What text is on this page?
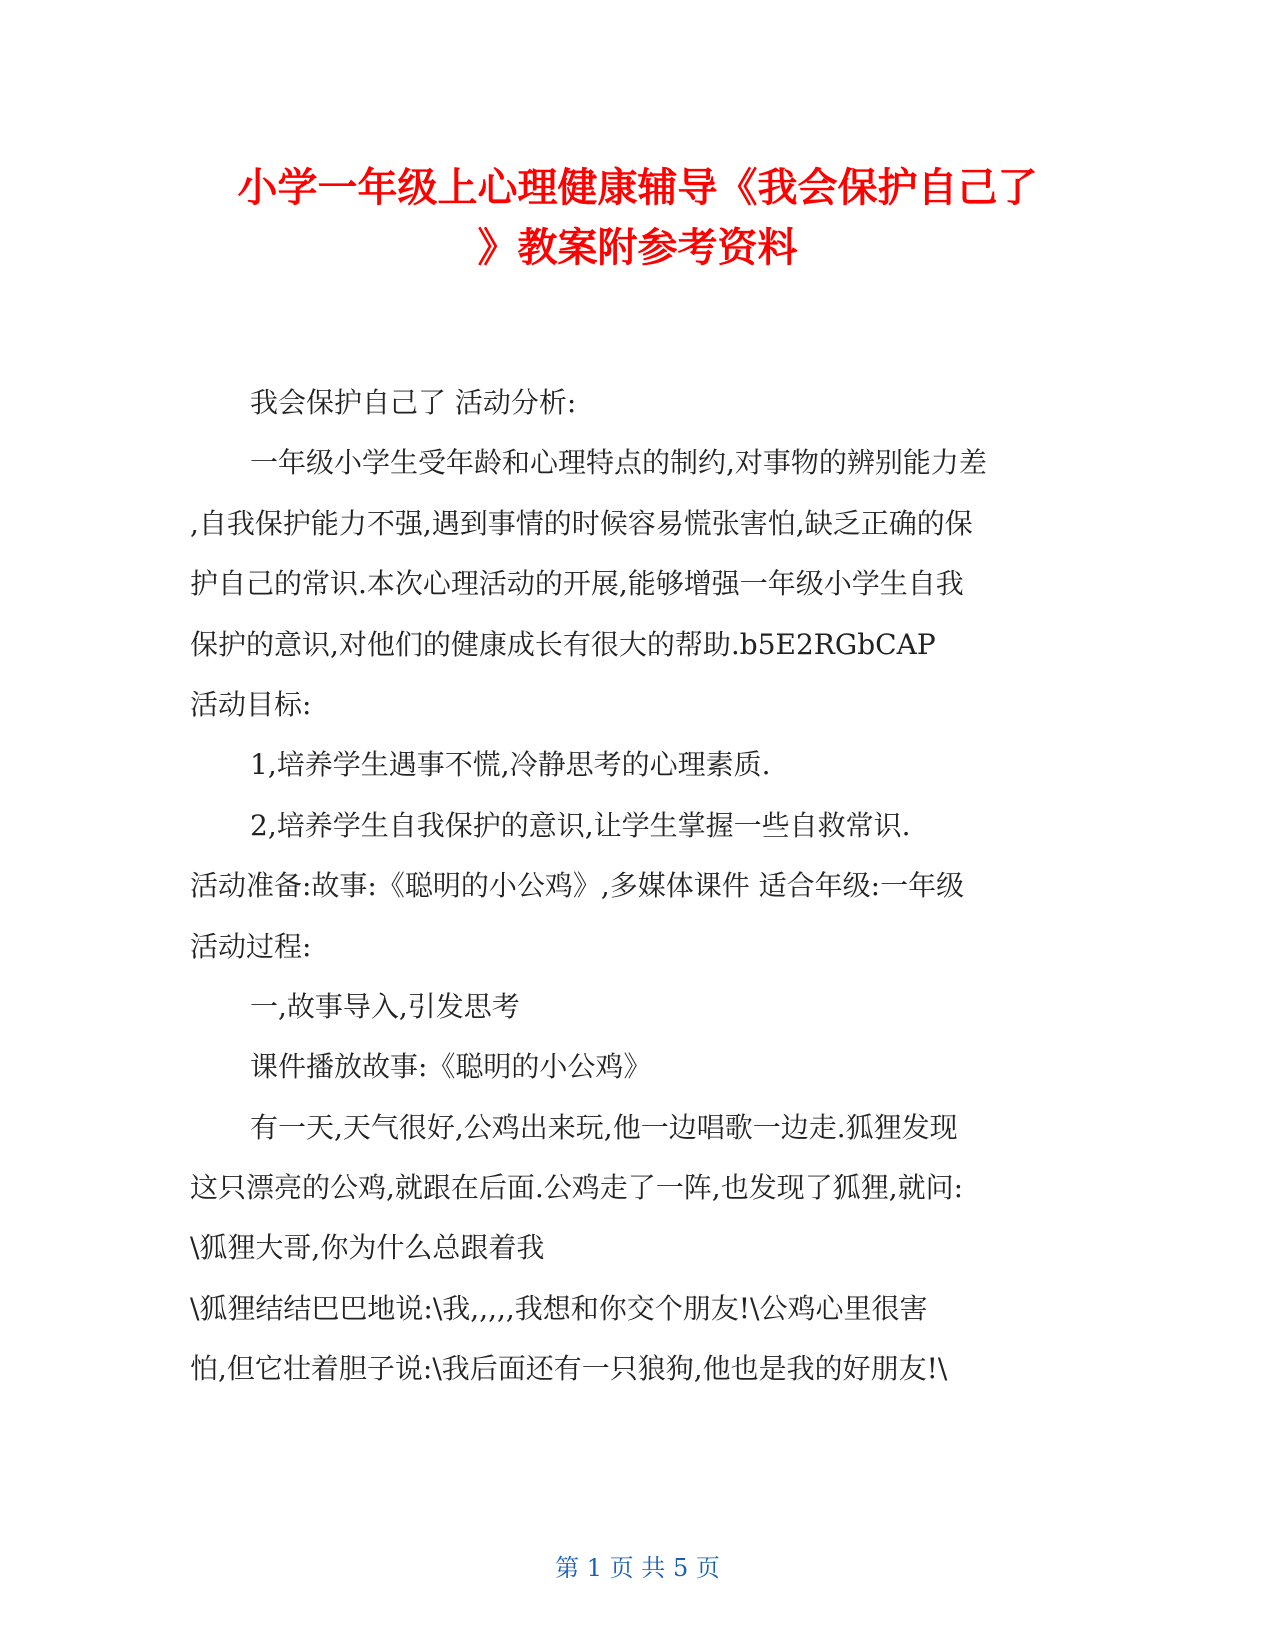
小学一年级上心理健康辅导《我会保护自己了
》教案附参考资料
我会保护自己了 活动分析:
一年级小学生受年龄和心理特点的制约,对事物的辨别能力差
,自我保护能力不强,遇到事情的时候容易慌张害怕,缺乏正确的保
护自己的常识.本次心理活动的开展,能够增强一年级小学生自我
保护的意识,对他们的健康成长有很大的帮助.b5E2RGbCAP
活动目标:
1,培养学生遇事不慌,冷静思考的心理素质.
2,培养学生自我保护的意识,让学生掌握一些自救常识.
活动准备:故事:《聪明的小公鸡》,多媒体课件 适合年级:一年级
活动过程:
一,故事导入,引发思考
课件播放故事:《聪明的小公鸡》
有一天,天气很好,公鸡出来玩,他一边唱歌一边走.狐狸发现
这只漂亮的公鸡,就跟在后面.公鸡走了一阵,也发现了狐狸,就问:
\狐狸大哥,你为什么总跟着我
\狐狸结结巴巴地说:\我,,,,,我想和你交个朋友!\公鸡心里很害
怕,但它壮着胆子说:\我后面还有一只狼狗,他也是我的好朋友!\
第 1 页 共 5 页
